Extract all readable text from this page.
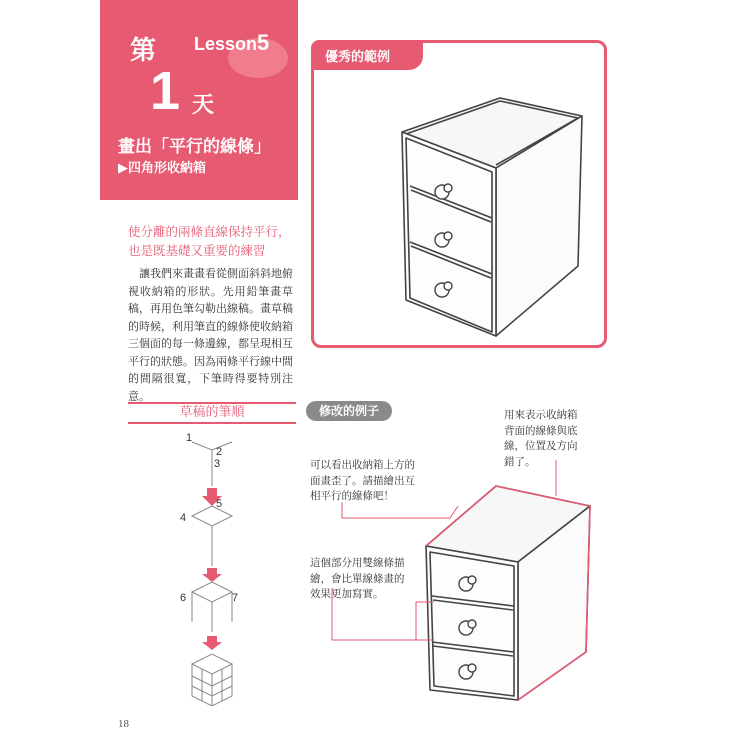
第 Lesson5
1 天
畫出「平行的線條」
▶四角形收納箱
使分離的兩條直線保持平行，
也是既基礎又重要的練習
　讓我們來畫畫看從側面斜斜地俯視收納箱的形狀。先用鉛筆畫草稿，再用色筆勾勒出線稿。畫草稿的時候，利用筆直的線條使收納箱三個面的每一條邊線，都呈現相互平行的狀態。因為兩條平行線中間的間隔很寬，下筆時得要特別注意。
優秀的範例
草稿的筆順
1
2
3
4
5
6	7
修改的例子	用來表示收納箱背面的線條與底線，位置及方向錯了。
可以看出收納箱上方的面畫歪了。請描繪出互相平行的線條吧！
這個部分用雙線條描繪，會比單線條畫的效果更加寫實。
18
